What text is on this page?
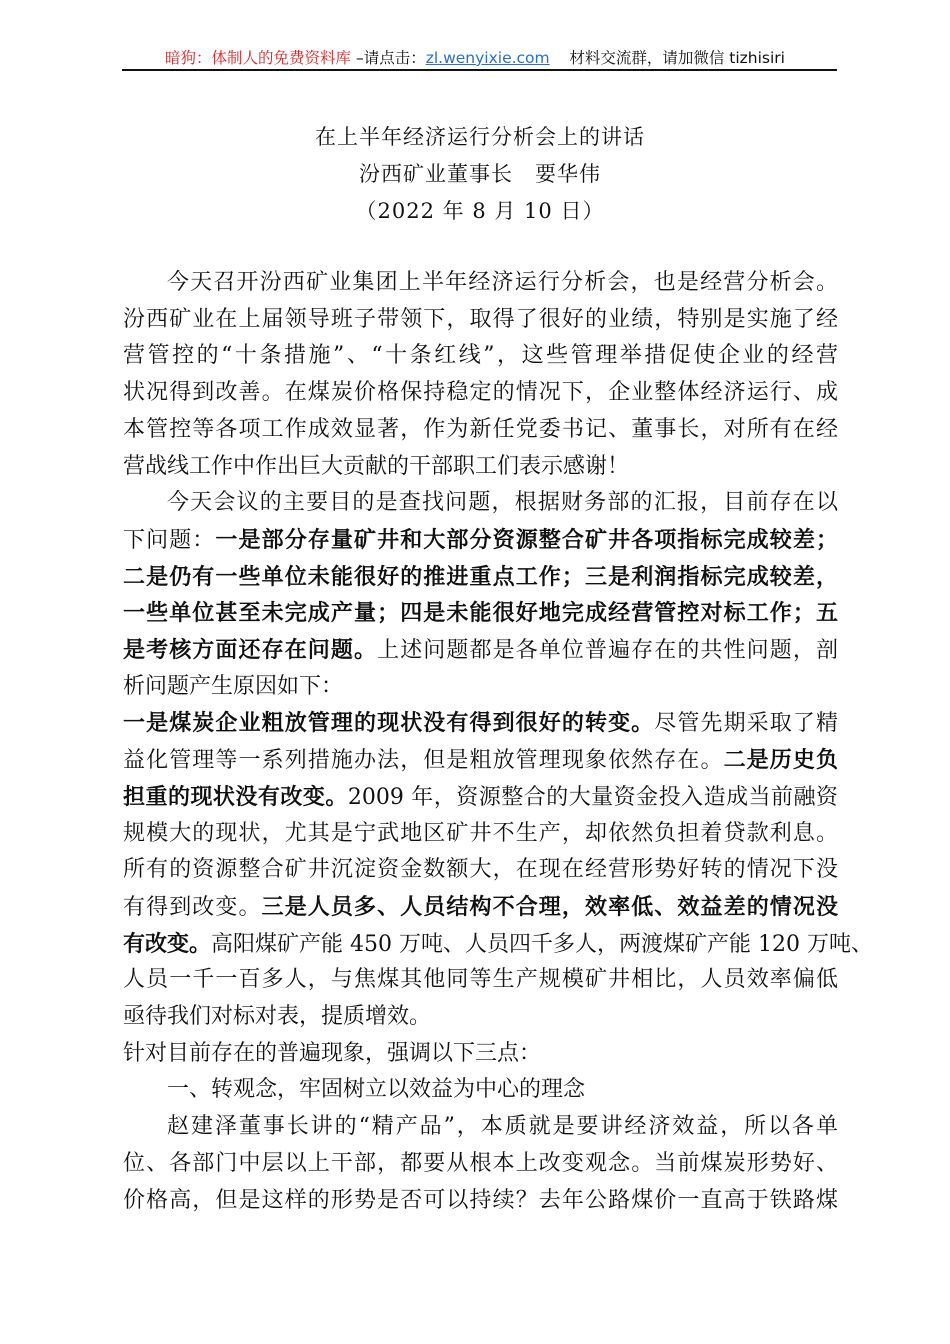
暗狗：体制人的免费资料库 –请点击：zl.wenyixie.com    材料交流群，请加微信 tizhisiri
在上半年经济运行分析会上的讲话
汾西矿业董事长　要华伟
（2022 年 8 月 10 日）
今天召开汾西矿业集团上半年经济运行分析会，也是经营分析会。
汾西矿业在上届领导班子带领下，取得了很好的业绩，特别是实施了经
营管控的“十条措施”、“十条红线”，这些管理举措促使企业的经营
状况得到改善。在煤炭价格保持稳定的情况下，企业整体经济运行、成
本管控等各项工作成效显著，作为新任党委书记、董事长，对所有在经
营战线工作中作出巨大贡献的干部职工们表示感谢！
今天会议的主要目的是查找问题，根据财务部的汇报，目前存在以
下问题：一是部分存量矿井和大部分资源整合矿井各项指标完成较差；
二是仍有一些单位未能很好的推进重点工作；三是利润指标完成较差，
一些单位甚至未完成产量；四是未能很好地完成经营管控对标工作；五
是考核方面还存在问题。上述问题都是各单位普遍存在的共性问题，剖
析问题产生原因如下：
一是煤炭企业粗放管理的现状没有得到很好的转变。尽管先期采取了精
益化管理等一系列措施办法，但是粗放管理现象依然存在。二是历史负
担重的现状没有改变。2009 年，资源整合的大量资金投入造成当前融资
规模大的现状，尤其是宁武地区矿井不生产，却依然负担着贷款利息。
所有的资源整合矿井沉淀资金数额大，在现在经营形势好转的情况下没
有得到改变。三是人员多、人员结构不合理，效率低、效益差的情况没
有改变。高阳煤矿产能 450 万吨、人员四千多人，两渡煤矿产能 120 万吨、
人员一千一百多人，与焦煤其他同等生产规模矿井相比，人员效率偏低
亟待我们对标对表，提质增效。
针对目前存在的普遍现象，强调以下三点：
一、转观念，牢固树立以效益为中心的理念
赵建泽董事长讲的“精产品”，本质就是要讲经济效益，所以各单
位、各部门中层以上干部，都要从根本上改变观念。当前煤炭形势好、
价格高，但是这样的形势是否可以持续？去年公路煤价一直高于铁路煤
